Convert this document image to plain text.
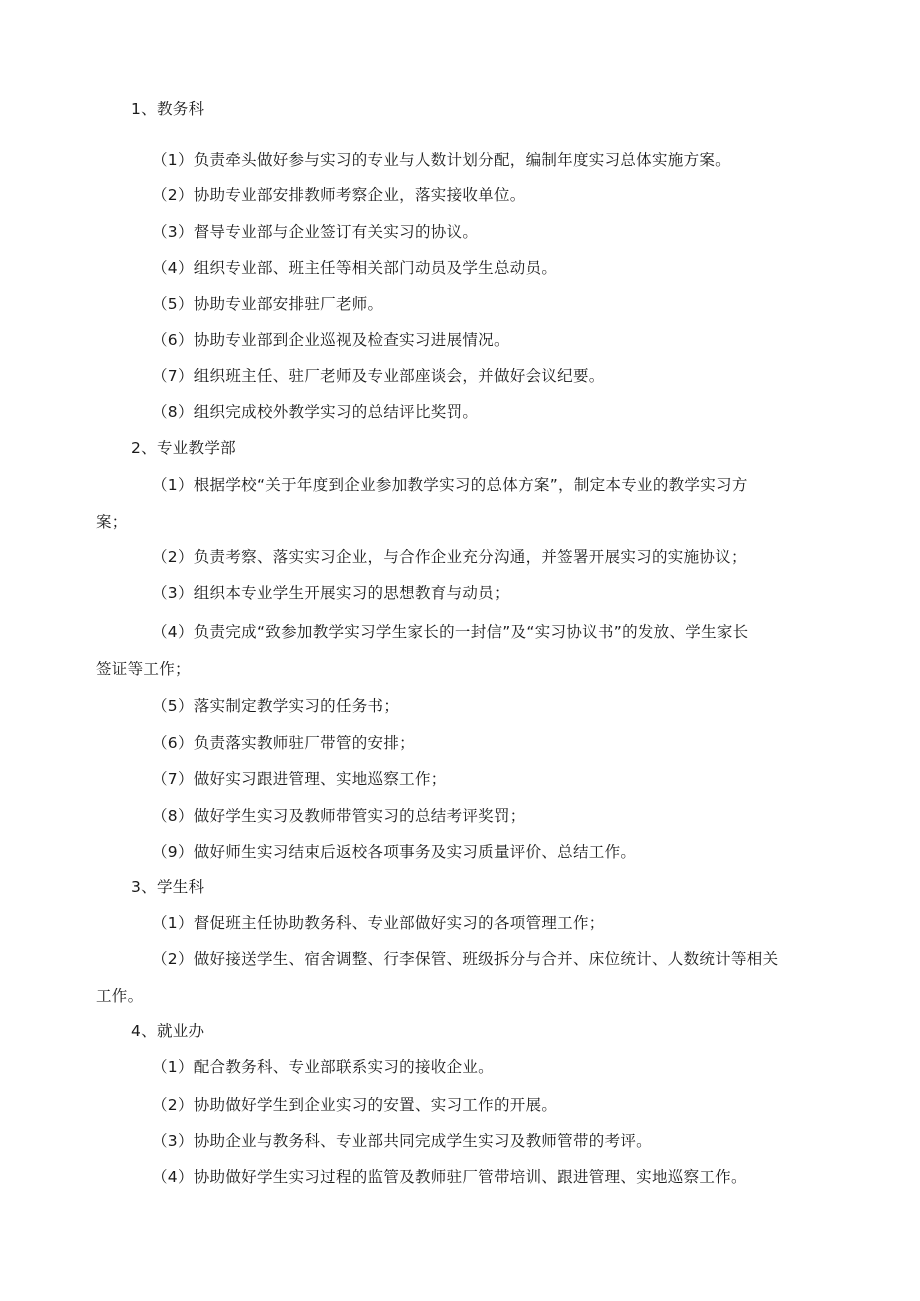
1、教务科
（1）负责牵头做好参与实习的专业与人数计划分配，编制年度实习总体实施方案。
（2）协助专业部安排教师考察企业，落实接收单位。
（3）督导专业部与企业签订有关实习的协议。
（4）组织专业部、班主任等相关部门动员及学生总动员。
（5）协助专业部安排驻厂老师。
（6）协助专业部到企业巡视及检查实习进展情况。
（7）组织班主任、驻厂老师及专业部座谈会，并做好会议纪要。
（8）组织完成校外教学实习的总结评比奖罚。
2、专业教学部
（1）根据学校“关于年度到企业参加教学实习的总体方案”，制定本专业的教学实习方
案；
（2）负责考察、落实实习企业，与合作企业充分沟通，并签署开展实习的实施协议；
（3）组织本专业学生开展实习的思想教育与动员；
（4）负责完成“致参加教学实习学生家长的一封信”及“实习协议书”的发放、学生家长
签证等工作；
（5）落实制定教学实习的任务书；
（6）负责落实教师驻厂带管的安排；
（7）做好实习跟进管理、实地巡察工作；
（8）做好学生实习及教师带管实习的总结考评奖罚；
（9）做好师生实习结束后返校各项事务及实习质量评价、总结工作。
3、学生科
（1）督促班主任协助教务科、专业部做好实习的各项管理工作；
（2）做好接送学生、宿舍调整、行李保管、班级拆分与合并、床位统计、人数统计等相关
工作。
4、就业办
（1）配合教务科、专业部联系实习的接收企业。
（2）协助做好学生到企业实习的安置、实习工作的开展。
（3）协助企业与教务科、专业部共同完成学生实习及教师管带的考评。
（4）协助做好学生实习过程的监管及教师驻厂管带培训、跟进管理、实地巡察工作。
